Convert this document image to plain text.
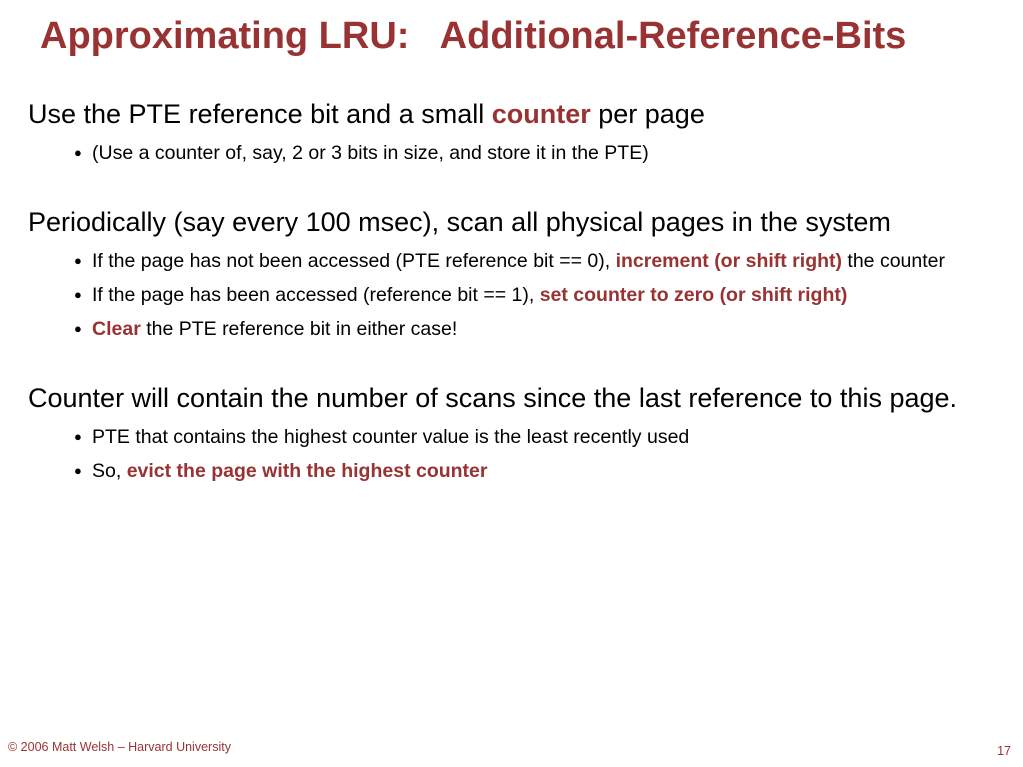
Approximating LRU:   Additional-Reference-Bits

Use the PTE reference bit and a small counter per page

● (Use a counter of, say, 2 or 3 bits in size, and store it in the PTE)

Periodically (say every 100 msec), scan all physical pages in the system

● If the page has not been accessed (PTE reference bit == 0), increment (or shift right) the counter

● If the page has been accessed (reference bit == 1), set counter to zero (or shift right)

● Clear the PTE reference bit in either case!

Counter will contain the number of scans since the last reference to this page.

● PTE that contains the highest counter value is the least recently used

● So, evict the page with the highest counter

© 2006 Matt Welsh – Harvard University	17
